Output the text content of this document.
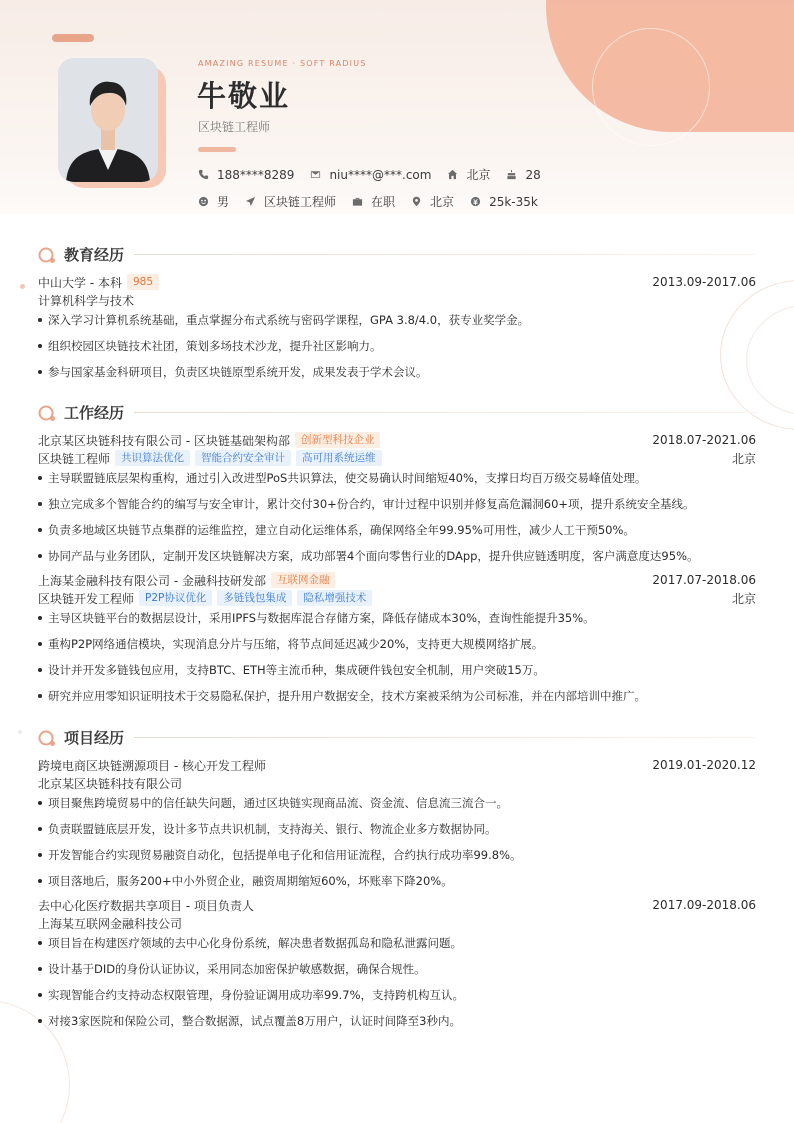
AMAZING RESUME · SOFT RADIUS
牛敬业
区块链工程师
188****8289	niu****@***.com	北京	28
男	区块链工程师	在职	北京	25k-35k
教育经历
中山大学 - 本科	985	2013.09-2017.06
计算机科学与技术
深入学习计算机系统基础，重点掌握分布式系统与密码学课程，GPA 3.8/4.0，获专业奖学金。
组织校园区块链技术社团，策划多场技术沙龙，提升社区影响力。
参与国家基金科研项目，负责区块链原型系统开发，成果发表于学术会议。
工作经历
北京某区块链科技有限公司 - 区块链基础架构部	创新型科技企业	2018.07-2021.06
区块链工程师	共识算法优化	智能合约安全审计	高可用系统运维	北京
主导联盟链底层架构重构，通过引入改进型PoS共识算法，使交易确认时间缩短40%，支撑日均百万级交易峰值处理。
独立完成多个智能合约的编写与安全审计，累计交付30+份合约，审计过程中识别并修复高危漏洞60+项，提升系统安全基线。
负责多地域区块链节点集群的运维监控，建立自动化运维体系，确保网络全年99.95%可用性，减少人工干预50%。
协同产品与业务团队，定制开发区块链解决方案，成功部署4个面向零售行业的DApp，提升供应链透明度，客户满意度达95%。
上海某金融科技有限公司 - 金融科技研发部	互联网金融	2017.07-2018.06
区块链开发工程师	P2P协议优化	多链钱包集成	隐私增强技术	北京
主导区块链平台的数据层设计，采用IPFS与数据库混合存储方案，降低存储成本30%，查询性能提升35%。
重构P2P网络通信模块，实现消息分片与压缩，将节点间延迟减少20%，支持更大规模网络扩展。
设计并开发多链钱包应用，支持BTC、ETH等主流币种，集成硬件钱包安全机制，用户突破15万。
研究并应用零知识证明技术于交易隐私保护，提升用户数据安全，技术方案被采纳为公司标准，并在内部培训中推广。
项目经历
跨境电商区块链溯源项目 - 核心开发工程师	2019.01-2020.12
北京某区块链科技有限公司
项目聚焦跨境贸易中的信任缺失问题，通过区块链实现商品流、资金流、信息流三流合一。
负责联盟链底层开发，设计多节点共识机制，支持海关、银行、物流企业多方数据协同。
开发智能合约实现贸易融资自动化，包括提单电子化和信用证流程，合约执行成功率99.8%。
项目落地后，服务200+中小外贸企业，融资周期缩短60%，坏账率下降20%。
去中心化医疗数据共享项目 - 项目负责人	2017.09-2018.06
上海某互联网金融科技公司
项目旨在构建医疗领域的去中心化身份系统，解决患者数据孤岛和隐私泄露问题。
设计基于DID的身份认证协议，采用同态加密保护敏感数据，确保合规性。
实现智能合约支持动态权限管理，身份验证调用成功率99.7%，支持跨机构互认。
对接3家医院和保险公司，整合数据源，试点覆盖8万用户，认证时间降至3秒内。
